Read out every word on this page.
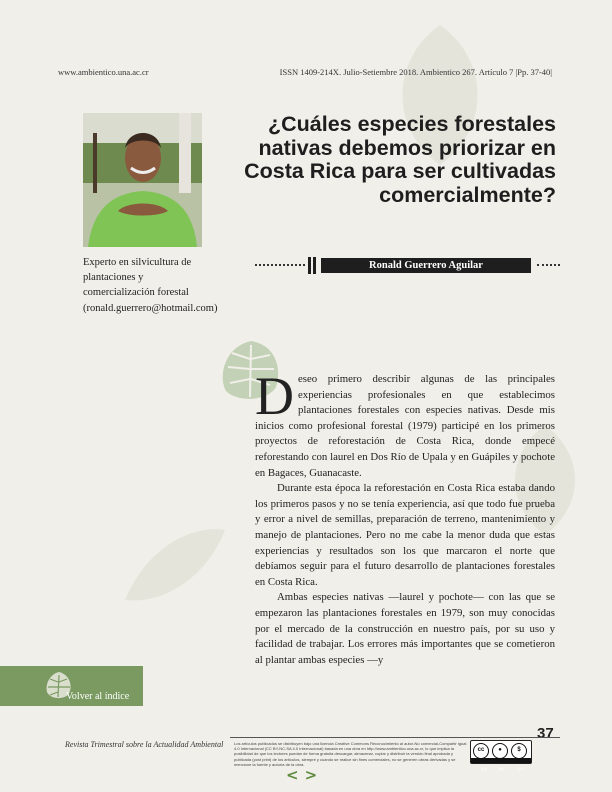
www.ambientico.una.ac.cr	ISSN 1409-214X. Julio-Setiembre 2018. Ambientico 267. Artículo 7 |Pp. 37-40|
Experto en silvicultura de plantaciones y comercialización forestal (ronald.guerrero@hotmail.com)
¿Cuáles especies forestales nativas debemos priorizar en Costa Rica para ser cultivadas comercialmente?
Ronald Guerrero Aguilar

Deseo primero describir algunas de las principales experiencias profesionales en que establecimos plantaciones forestales con especies nativas. Desde mis inicios como profesional forestal (1979) participé en los primeros proyectos de reforestación de Costa Rica, donde empecé reforestando con laurel en Dos Río de Upala y en Guápiles y pochote en Bagaces, Guanacaste.

Durante esta época la reforestación en Costa Rica estaba dando los primeros pasos y no se tenía experiencia, así que todo fue prueba y error a nivel de semillas, preparación de terreno, mantenimiento y manejo de plantaciones. Pero no me cabe la menor duda que estas experiencias y resultados son los que marcaron el norte que debíamos seguir para el futuro desarrollo de plantaciones forestales en Costa Rica.

Ambas especies nativas —laurel y pochote— con las que se empezaron las plantaciones forestales en 1979, son muy conocidas por el mercado de la construcción en nuestro país, por su uso y facilidad de trabajar. Los errores más importantes que se cometieron al plantar ambas especies —y

Volver al índice
37
Revista Trimestral sobre la Actualidad Ambiental	Los artículos publicados se distribuyen bajo una licencia Creative Commons Reconocimiento al autor-No comercial-Compartir igual 4.0 Internacional (CC BY-NC-SA 4.0 Internacional) basada en una obra en http://www.ambientico.una.ac.cr, lo que implica la posibilidad de que los lectores puedan de forma gratuita descargar, almacenar, copiar y distribuir la versión final aprobada y publicada (post print) de los artículos, siempre y cuando se realice sin fines comerciales, no se generen obras derivadas y se mencione la fuente y autoría de la obra.
cc	●	$
BY	NC	SA
<>
